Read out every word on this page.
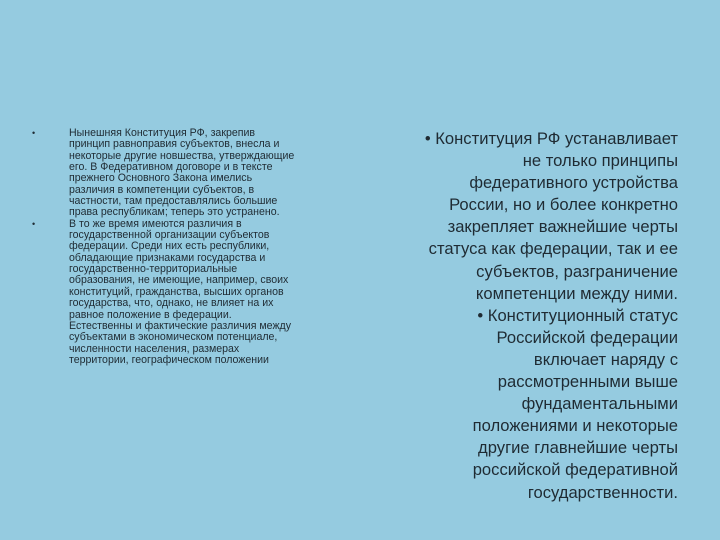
•	Нынешняя Конституция РФ, закрепив
принцип равноправия субъектов, внесла и
некоторые другие новшества, утверждающие
его. В Федеративном договоре и в тексте
прежнего Основного Закона имелись
различия в компетенции субъектов, в
частности, там предоставлялись большие
права республикам; теперь это устранено.
•	В то же время имеются различия в
государственной организации субъектов
федерации. Среди них есть республики,
обладающие признаками государства и
государственно-территориальные
образования, не имеющие, например, своих
конституций, гражданства, высших органов
государства, что, однако, не влияет на их
равное положение в федерации.
Естественны и фактические различия между
субъектами в экономическом потенциале,
численности населения, размерах
территории, географическом положении
• Конституция РФ устанавливает
не только принципы
федеративного устройства
России, но и более конкретно
закрепляет важнейшие черты
статуса как федерации, так и ее
субъектов, разграничение
компетенции между ними.
• Конституционный статус
Российской федерации
включает наряду с
рассмотренными выше
фундаментальными
положениями и некоторые
другие главнейшие черты
российской федеративной
государственности.
